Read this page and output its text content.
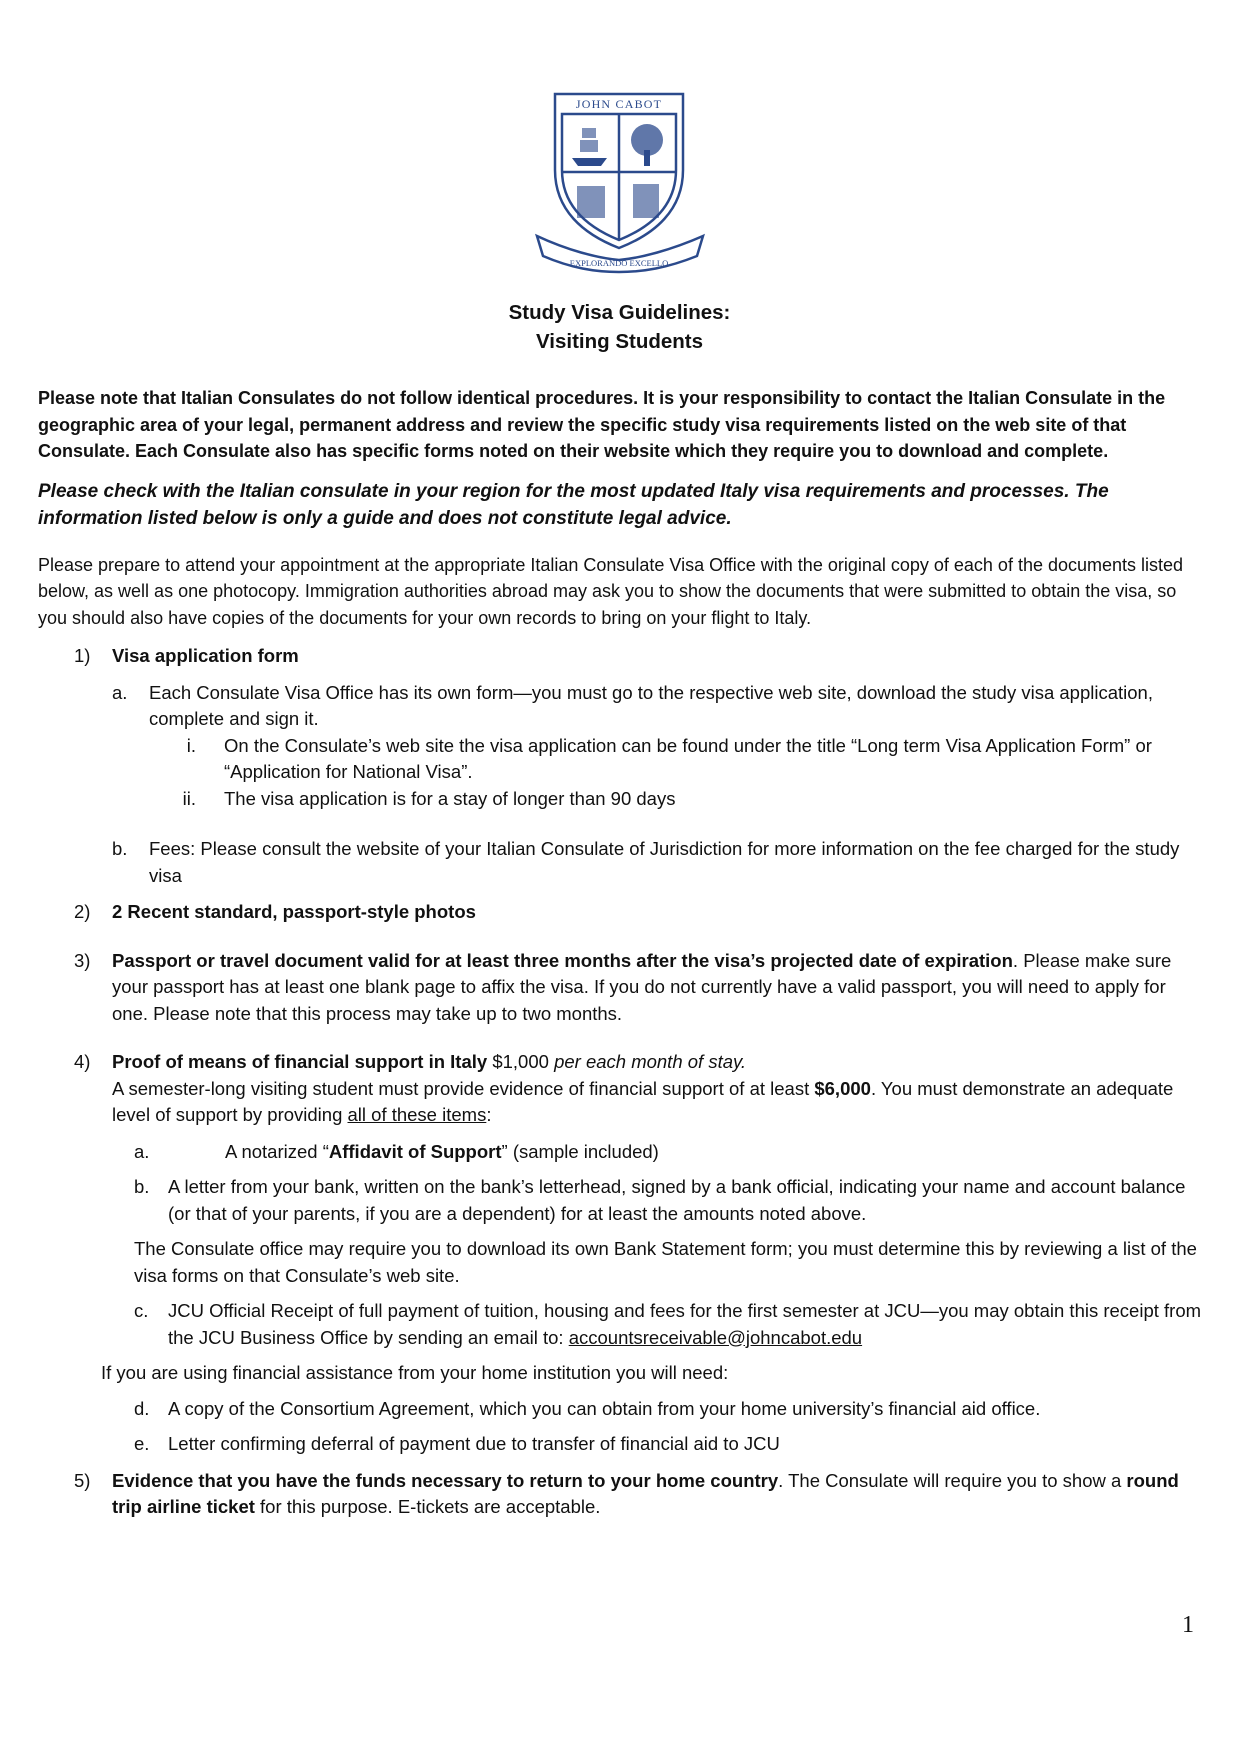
JOHN CABOT
EXPLORANDO EXCELLO
Study Visa Guidelines:
Visiting Students

Please note that Italian Consulates do not follow identical procedures. It is your responsibility to contact the Italian Consulate in the geographic area of your legal, permanent address and review the specific study visa requirements listed on the web site of that Consulate. Each Consulate also has specific forms noted on their website which they require you to download and complete.

Please check with the Italian consulate in your region for the most updated Italy visa requirements and processes. The information listed below is only a guide and does not constitute legal advice.

Please prepare to attend your appointment at the appropriate Italian Consulate Visa Office with the original copy of each of the documents listed below, as well as one photocopy. Immigration authorities abroad may ask you to show the documents that were submitted to obtain the visa, so you should also have copies of the documents for your own records to bring on your flight to Italy.

1) Visa application form
a. Each Consulate Visa Office has its own form—you must go to the respective web site, download the study visa application, complete and sign it.
i. On the Consulate’s web site the visa application can be found under the title “Long term Visa Application Form” or “Application for National Visa”.
ii. The visa application is for a stay of longer than 90 days
b. Fees: Please consult the website of your Italian Consulate of Jurisdiction for more information on the fee charged for the study visa
2) 2 Recent standard, passport-style photos
3) Passport or travel document valid for at least three months after the visa’s projected date of expiration. Please make sure your passport has at least one blank page to affix the visa. If you do not currently have a valid passport, you will need to apply for one. Please note that this process may take up to two months.
4) Proof of means of financial support in Italy $1,000 per each month of stay.
A semester-long visiting student must provide evidence of financial support of at least $6,000. You must demonstrate an adequate level of support by providing all of these items:
a.	A notarized “Affidavit of Support” (sample included)
b. A letter from your bank, written on the bank’s letterhead, signed by a bank official, indicating your name and account balance (or that of your parents, if you are a dependent) for at least the amounts noted above.

The Consulate office may require you to download its own Bank Statement form; you must determine this by reviewing a list of the visa forms on that Consulate’s web site.

c. JCU Official Receipt of full payment of tuition, housing and fees for the first semester at JCU—you may obtain this receipt from the JCU Business Office by sending an email to: accountsreceivable@johncabot.edu

If you are using financial assistance from your home institution you will need:

d. A copy of the Consortium Agreement, which you can obtain from your home university’s financial aid office.
e. Letter confirming deferral of payment due to transfer of financial aid to JCU
5) Evidence that you have the funds necessary to return to your home country. The Consulate will require you to show a round trip airline ticket for this purpose. E-tickets are acceptable.
1
